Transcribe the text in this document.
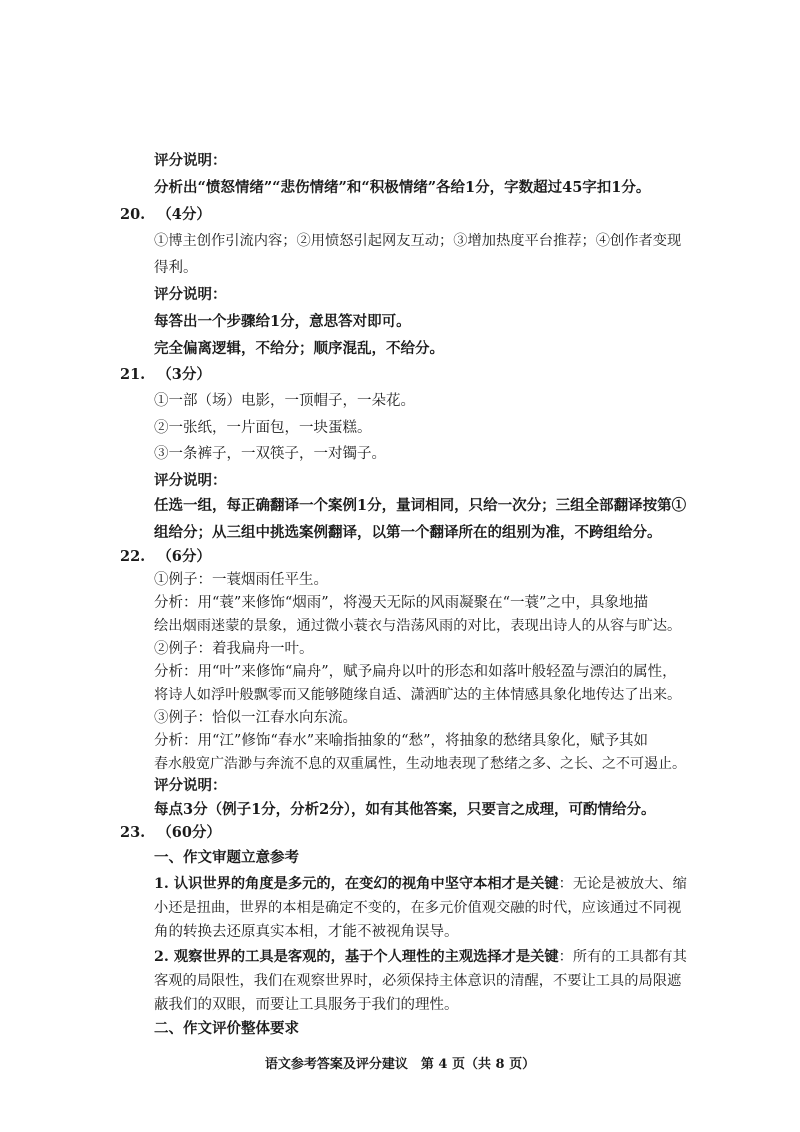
评分说明：
分析出“愤怒情绪”“悲伤情绪”和“积极情绪”各给1分，字数超过45字扣1分。
20. （4分）
①博主创作引流内容；②用愤怒引起网友互动；③增加热度平台推荐；④创作者变现
得利。
评分说明：
每答出一个步骤给1分，意思答对即可。
完全偏离逻辑，不给分；顺序混乱，不给分。
21. （3分）
①一部（场）电影，一顶帽子，一朵花。
②一张纸，一片面包，一块蛋糕。
③一条裤子，一双筷子，一对镯子。
评分说明：
任选一组，每正确翻译一个案例1分，量词相同，只给一次分；三组全部翻译按第①
组给分；从三组中挑选案例翻译，以第一个翻译所在的组别为准，不跨组给分。
22. （6分）
①例子：一蓑烟雨任平生。
分析：用“蓑”来修饰“烟雨”，将漫天无际的风雨凝聚在“一蓑”之中，具象地描
绘出烟雨迷蒙的景象，通过微小蓑衣与浩荡风雨的对比，表现出诗人的从容与旷达。
②例子：着我扁舟一叶。
分析：用“叶”来修饰“扁舟”，赋予扁舟以叶的形态和如落叶般轻盈与漂泊的属性，
将诗人如浮叶般飘零而又能够随缘自适、潇洒旷达的主体情感具象化地传达了出来。
③例子：恰似一江春水向东流。
分析：用“江”修饰“春水”来喻指抽象的“愁”，将抽象的愁绪具象化，赋予其如
春水般宽广浩渺与奔流不息的双重属性，生动地表现了愁绪之多、之长、之不可遏止。
评分说明：
每点3分（例子1分，分析2分），如有其他答案，只要言之成理，可酌情给分。
23. （60分）
一、作文审题立意参考
1. 认识世界的角度是多元的，在变幻的视角中坚守本相才是关键：无论是被放大、缩
小还是扭曲，世界的本相是确定不变的，在多元价值观交融的时代，应该通过不同视
角的转换去还原真实本相，才能不被视角误导。
2. 观察世界的工具是客观的，基于个人理性的主观选择才是关键：所有的工具都有其
客观的局限性，我们在观察世界时，必须保持主体意识的清醒，不要让工具的局限遮
蔽我们的双眼，而要让工具服务于我们的理性。
二、作文评价整体要求
语文参考答案及评分建议　第 4 页（共 8 页）
